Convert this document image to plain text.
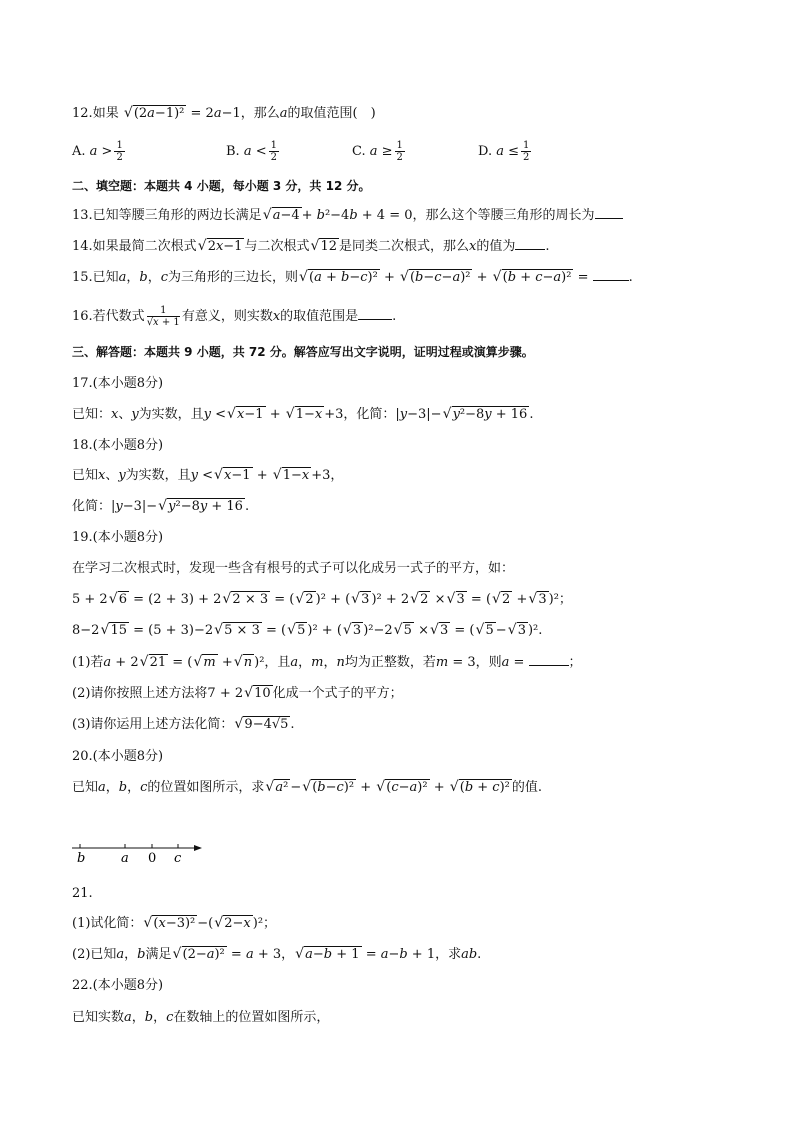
12.如果 √ (2𝑎−1)² = 2𝑎−1，那么𝑎的取值范围(　)
A. 𝑎 > $\frac{1}{2}$	B. 𝑎 < $\frac{1}{2}$	C. 𝑎 ≥ $\frac{1}{2}$	D. 𝑎 ≤ $\frac{1}{2}$
二、填空题：本题共 4 小题，每小题 3 分，共 12 分。
13.已知等腰三角形的两边长满足 √ 𝑎−4 + 𝑏²−4𝑏 + 4 = 0，那么这个等腰三角形的周长为
14.如果最简二次根式 √ 2𝑥−1 与二次根式 √ 12 是同类二次根式，那么𝑥的值为 .
15.已知𝑎，𝑏，𝑐为三角形的三边长，则 √ (𝑎 + 𝑏−𝑐)² + √ (𝑏−𝑐−𝑎)² + √ (𝑏 + 𝑐−𝑎)² =	.
16.若代数式 $\frac{1}{\text{√𝑥 + 1}}$ 有意义，则实数𝑥的取值范围是	.
三、解答题：本题共 9 小题，共 72 分。解答应写出文字说明，证明过程或演算步骤。
17.(本小题8分)
已知：𝑥、𝑦为实数，且𝑦 < √ 𝑥−1 + √ 1−𝑥 +3，化简：|𝑦−3|− √ 𝑦²−8𝑦 + 16 .
18.(本小题8分)
已知𝑥、𝑦为实数，且𝑦 < √ 𝑥−1 + √ 1−𝑥 +3，
化简：|𝑦−3|− √ 𝑦²−8𝑦 + 16 .
19.(本小题8分)
在学习二次根式时，发现一些含有根号的式子可以化成另一式子的平方，如：
5 + 2 √ 6 = (2 + 3) + 2 √ 2 × 3 = ( √ 2 )² + ( √ 3 )² + 2 √ 2 × √ 3 = ( √ 2 + √ 3 )²；
8−2 √ 15 = (5 + 3)−2 √ 5 × 3 = ( √ 5 )² + ( √ 3 )²−2 √ 5 × √ 3 = ( √ 5 − √ 3 )².
(1)若𝑎 + 2 √ 21 = ( √ 𝑚 + √ 𝑛 )²，且𝑎，𝑚，𝑛均为正整数，若𝑚 = 3，则𝑎 =	；
(2)请你按照上述方法将7 + 2 √ 10 化成一个式子的平方；
(3)请你运用上述方法化简： √ 9−4√5 .
20.(本小题8分)
已知𝑎，𝑏，𝑐的位置如图所示，求 √ 𝑎² − √ (𝑏−𝑐)² + √ (𝑐−𝑎)² + √ (𝑏 + 𝑐)² 的值.
𝑏	𝑎 0 𝑐
21.
(1)试化简： √ (𝑥−3)² −( √ 2−𝑥 )²；
(2)已知𝑎，𝑏满足 √ (2−𝑎)² = 𝑎 + 3， √ 𝑎−𝑏 + 1 = 𝑎−𝑏 + 1，求𝑎𝑏.
22.(本小题8分)
已知实数𝑎，𝑏，𝑐在数轴上的位置如图所示，
